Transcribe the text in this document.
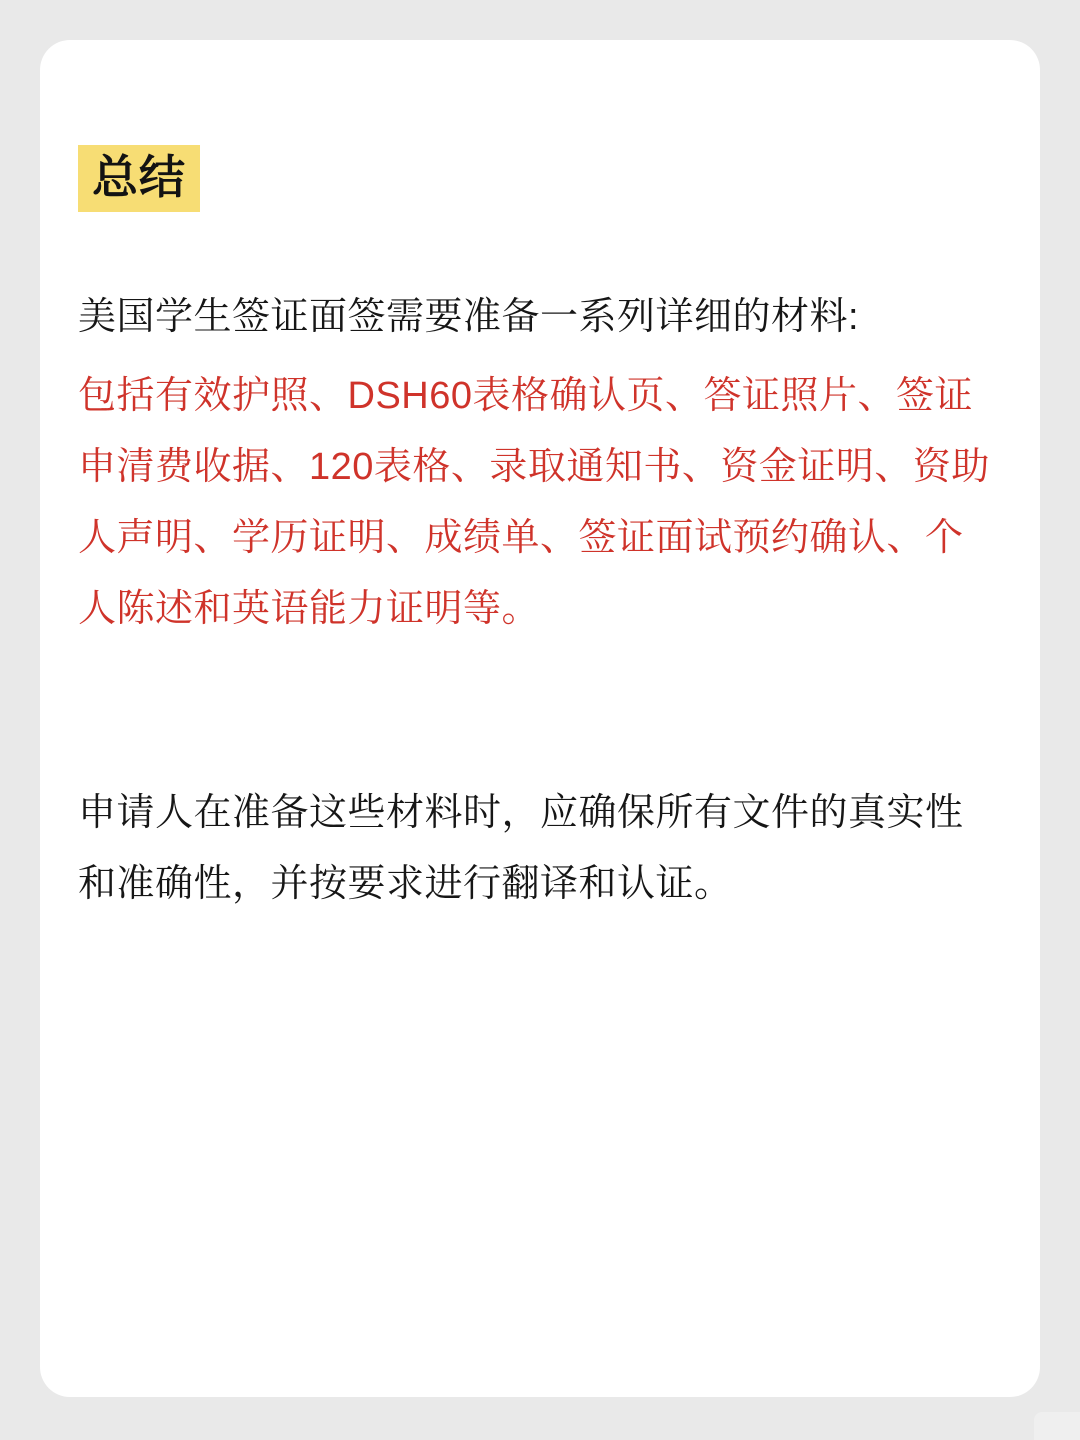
总结

美国学生签证面签需要准备一系列详细的材料:

包括有效护照、DSH60表格确认页、答证照片、签证申清费收据、120表格、录取通知书、资金证明、资助人声明、学历证明、成绩单、签证面试预约确认、个人陈述和英语能力证明等。

申请人在准备这些材料时，应确保所有文件的真实性和准确性，并按要求进行翻译和认证。
